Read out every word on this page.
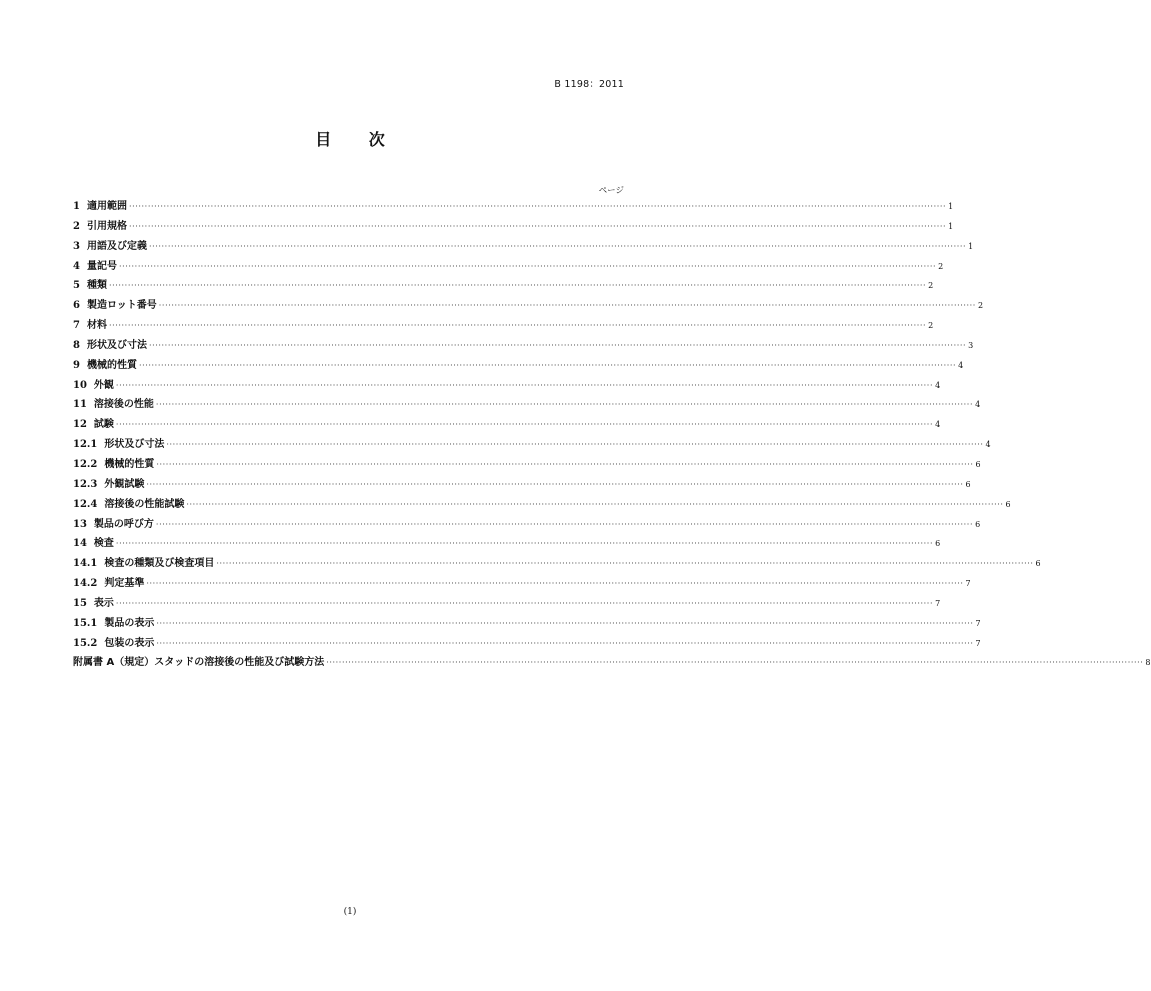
B 1198：2011
目 次
ページ
1 適用範囲 ···································································································································································································································································· 1
2 引用規格 ···································································································································································································································································· 1
3 用語及び定義 ···································································································································································································································································· 1
4 量記号 ···································································································································································································································································· 2
5 種類 ···································································································································································································································································· 2
6 製造ロット番号 ···································································································································································································································································· 2
7 材料 ···································································································································································································································································· 2
8 形状及び寸法 ···································································································································································································································································· 3
9 機械的性質 ···································································································································································································································································· 4
10 外観 ···································································································································································································································································· 4
11 溶接後の性能 ···································································································································································································································································· 4
12 試験 ···································································································································································································································································· 4
12.1 形状及び寸法 ···································································································································································································································································· 4
12.2 機械的性質 ···································································································································································································································································· 6
12.3 外観試験 ···································································································································································································································································· 6
12.4 溶接後の性能試験 ···································································································································································································································································· 6
13 製品の呼び方 ···································································································································································································································································· 6
14 検査 ···································································································································································································································································· 6
14.1 検査の種類及び検査項目 ···································································································································································································································································· 6
14.2 判定基準 ···································································································································································································································································· 7
15 表示 ···································································································································································································································································· 7
15.1 製品の表示 ···································································································································································································································································· 7
15.2 包装の表示 ···································································································································································································································································· 7
附属書 A（規定）スタッドの溶接後の性能及び試験方法 ···································································································································································································································································· 8
(1)
